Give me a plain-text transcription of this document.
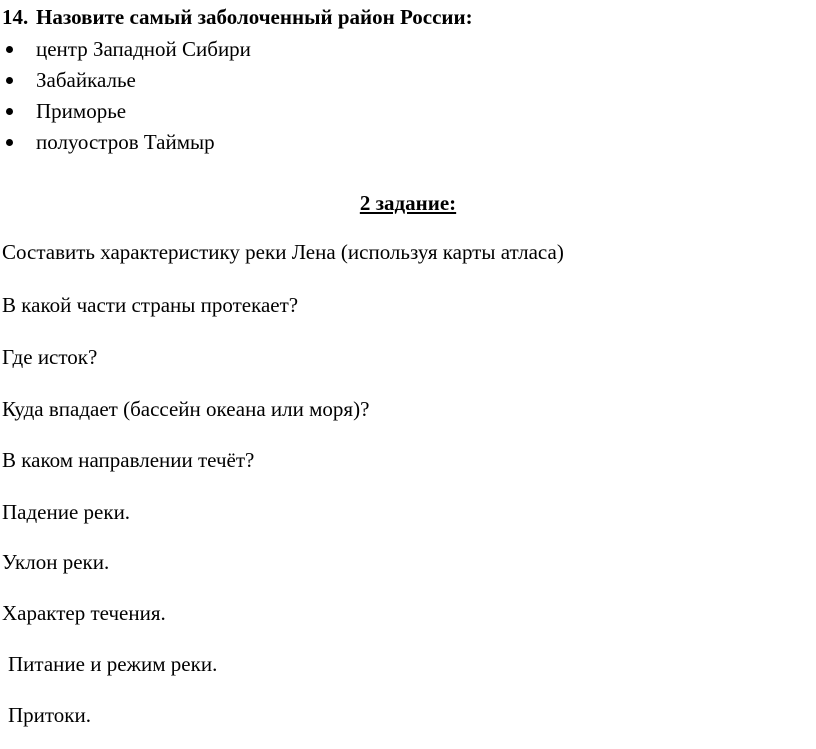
14. Назовите самый заболоченный район России:
центр Западной Сибири
Забайкалье
Приморье
полуостров Таймыр
2 задание:
Составить характеристику реки Лена (используя карты атласа)
В какой части страны протекает?
Где исток?
Куда впадает (бассейн океана или моря)?
В каком направлении течёт?
Падение реки.
Уклон реки.
Характер течения.
Питание и режим реки.
Притоки.
